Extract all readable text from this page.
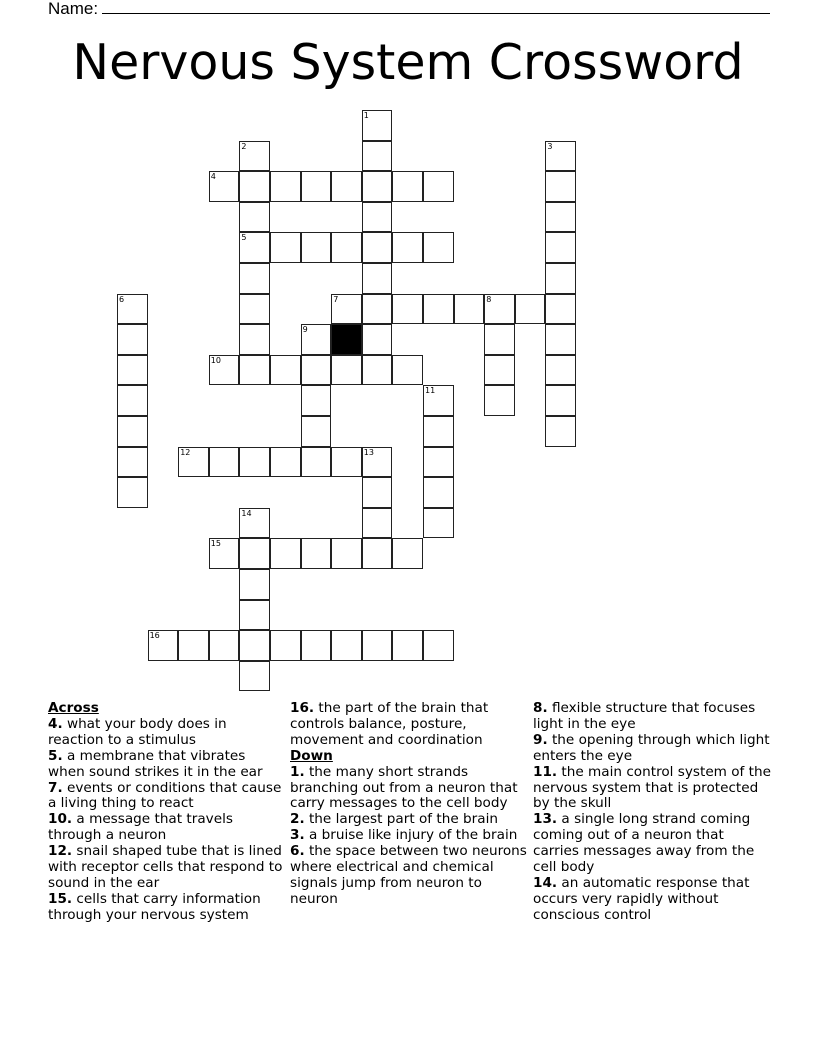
Name:
Nervous System Crossword
1
2
5
3
4
6	7	8
9
10
11
12	13
14
15
16
Across
4. what your body does in reaction to a stimulus
5. a membrane that vibrates when sound strikes it in the ear
7. events or conditions that cause a living thing to react
10. a message that travels through a neuron
12. snail shaped tube that is lined with receptor cells that respond to sound in the ear
15. cells that carry information through your nervous system
16. the part of the brain that controls balance, posture, movement and coordination
Down
1. the many short strands branching out from a neuron that carry messages to the cell body
2. the largest part of the brain
3. a bruise like injury of the brain
6. the space between two neurons where electrical and chemical signals jump from neuron to neuron
8. flexible structure that focuses light in the eye
9. the opening through which light enters the eye
11. the main control system of the nervous system that is protected by the skull
13. a single long strand coming coming out of a neuron that carries messages away from the cell body
14. an automatic response that occurs very rapidly without conscious control
